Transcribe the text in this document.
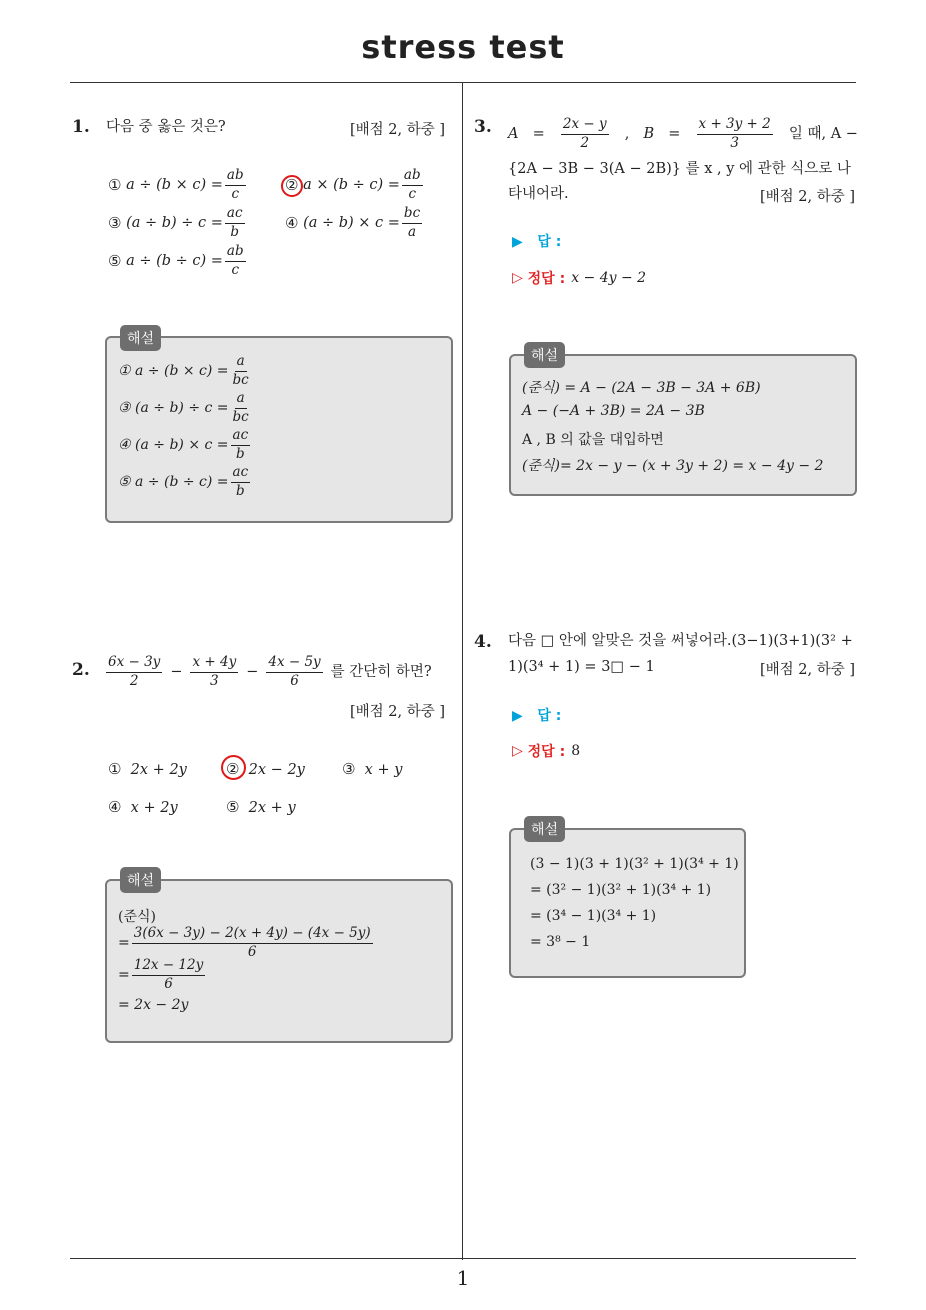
stress test
1
1. 다음 중 옳은 것은?	[배점 2, 하중 ]
①
$a \div (b \times c) = \frac{ab}{c}$	②
$a \times (b \div c) = \frac{ab}{c}$
③
$(a \div b) \div c = \frac{ac}{b}$	④
$(a \div b) \times c = \frac{bc}{a}$
⑤
$a \div (b \div c) = \frac{ab}{c}$
해설
① $a \div (b \times c) = \frac{a}{bc}$
③ $(a \div b) \div c = \frac{a}{bc}$
④ $(a \div b) \times c = \frac{ac}{b}$
⑤ $a \div (b \div c) = \frac{ac}{b}$
2. $\frac{6x - 3y}{2} - \frac{x + 4y}{3} - \frac{4x - 5y}{6}$ 를 간단히 하면?
[배점 2, 하중 ]
① 2x + 2y	② 2x − 2y ③ x + y
④ x + 2y	⑤ 2x + y
해설
(준식)
= $\frac{3(6x - 3y) - 2(x + 4y) - (4x - 5y)}{6}$
= $\frac{12x - 12y}{6}$
= 2x − 2y
3. $A = \frac{2x - y}{2}$ , $B = \frac{x + 3y + 2}{3}$ 일 때, A −
{2A − 3B − 3(A − 2B)} 를 x , y 에 관한 식으로 나
타내어라.	[배점 2, 하중 ]
▶ 답 :
▷
정답 : x − 4y − 2
해설
(준식) = A − (2A − 3B − 3A + 6B)
A − (−A + 3B) = 2A − 3B
A , B 의 값을 대입하면
(준식)= 2x − y − (x + 3y + 2) = x − 4y − 2
4. 다음 □ 안에 알맞은 것을 써넣어라.(3−1)(3+1)(3² +
1)(3⁴ + 1) = 3□ − 1	[배점 2, 하중 ]
▶ 답 :
▷
정답 : 8
해설
(3 − 1)(3 + 1)(3² + 1)(3⁴ + 1)
= (3² − 1)(3² + 1)(3⁴ + 1)
= (3⁴ − 1)(3⁴ + 1)
= 3⁸ − 1
